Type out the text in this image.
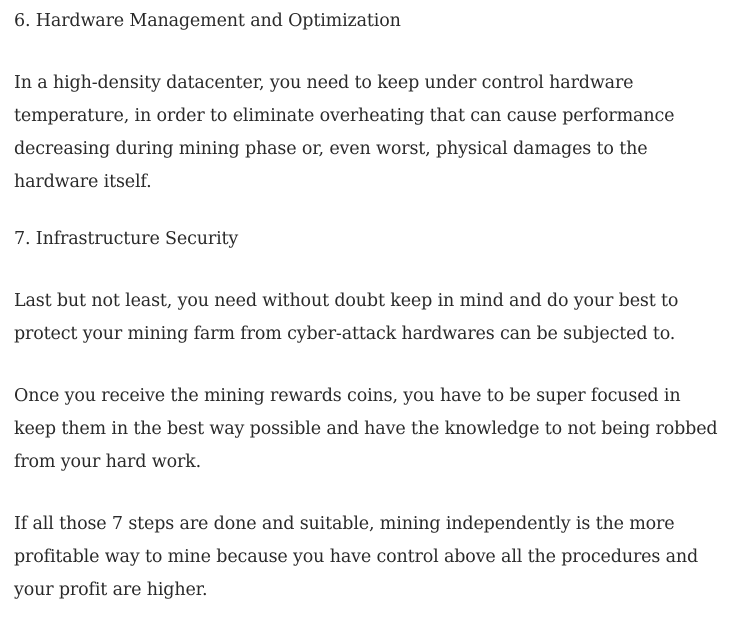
6. Hardware Management and Optimization

In a high-density datacenter, you need to keep under control hardware temperature, in order to eliminate overheating that can cause performance decreasing during mining phase or, even worst, physical damages to the hardware itself.

7. Infrastructure Security

Last but not least, you need without doubt keep in mind and do your best to protect your mining farm from cyber-attack hardwares can be subjected to.

Once you receive the mining rewards coins, you have to be super focused in keep them in the best way possible and have the knowledge to not being robbed from your hard work.

If all those 7 steps are done and suitable, mining independently is the more profitable way to mine because you have control above all the procedures and your profit are higher.
